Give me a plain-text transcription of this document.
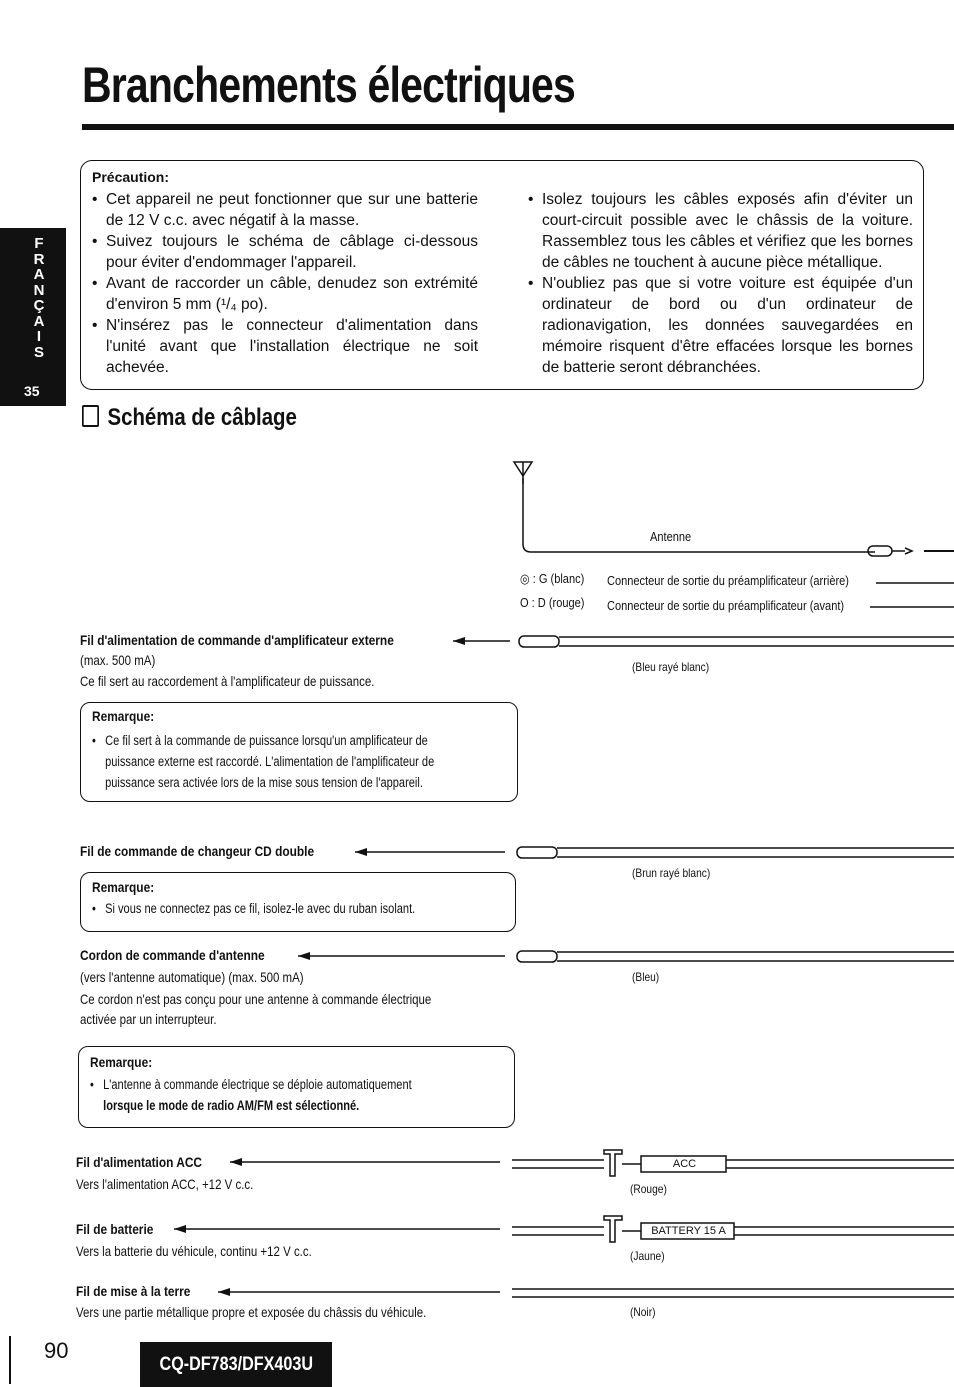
Branchements électriques
F
R
A
N
Ç
A
I
S
35
Précaution:

• Cet appareil ne peut fonctionner que sur une batterie de 12 V c.c. avec négatif à la masse.

• Suivez toujours le schéma de câblage ci-dessous pour éviter d'endommager l'appareil.

• Avant de raccorder un câble, denudez son extrémité d'environ 5 mm (¹/₄ po).

• N'insérez pas le connecteur d'alimentation dans l'unité avant que l'installation électrique ne soit achevée.

• Isolez toujours les câbles exposés afin d'éviter un court-circuit possible avec le châssis de la voiture. Rassemblez tous les câbles et vérifiez que les bornes de câbles ne touchent à aucune pièce métallique.

• N'oubliez pas que si votre voiture est équipée d'un ordinateur de bord ou d'un ordinateur de radionavigation, les données sauvegardées en mémoire risquent d'être effacées lorsque les bornes de batterie seront débranchées.

Schéma de câblage
Antenne
◎ : G (blanc) Connecteur de sortie du préamplificateur (arrière)
O : D (rouge) Connecteur de sortie du préamplificateur (avant)
Fil d'alimentation de commande d'amplificateur externe
(max. 500 mA)
Ce fil sert au raccordement à l'amplificateur de puissance.
(Bleu rayé blanc)
Remarque:
•   Ce fil sert à la commande de puissance lorsqu'un amplificateur de
puissance externe est raccordé. L'alimentation de l'amplificateur de
puissance sera activée lors de la mise sous tension de l'appareil.
Fil de commande de changeur CD double
(Brun rayé blanc)
Remarque:
•   Si vous ne connectez pas ce fil, isolez-le avec du ruban isolant.
Cordon de commande d'antenne
(vers l'antenne automatique) (max. 500 mA)
Ce cordon n'est pas conçu pour une antenne à commande électrique
activée par un interrupteur.
(Bleu)
Remarque:
•   L'antenne à commande électrique se déploie automatiquement
lorsque le mode de radio AM/FM est sélectionné.
Fil d'alimentation ACC
Vers l'alimentation ACC, +12 V c.c.
ACC
(Rouge)
Fil de batterie
Vers la batterie du véhicule, continu +12 V c.c.
BATTERY 15 A
(Jaune)
Fil de mise à la terre
Vers une partie métallique propre et exposée du châssis du véhicule.	(Noir)
90
CQ-DF783/DFX403U
